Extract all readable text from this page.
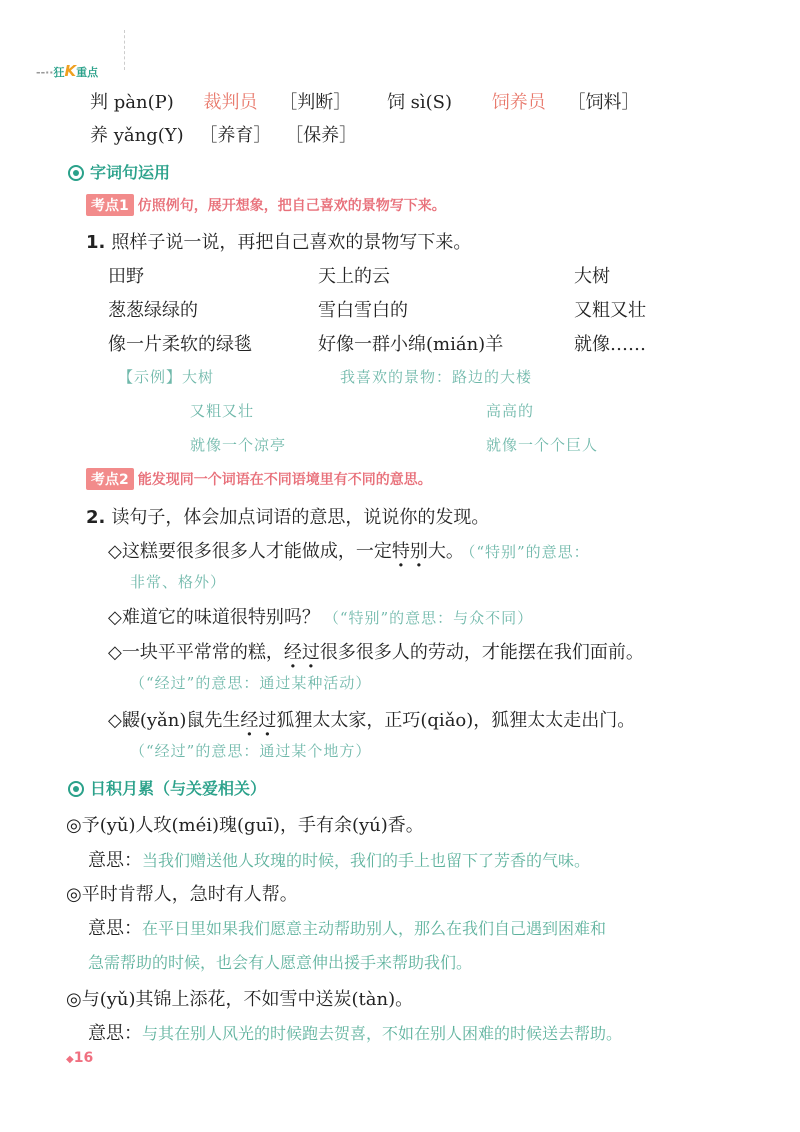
--··狂K重点
判 pàn(P) 裁判员 ［判断］ 饲 sì(S) 饲养员 ［饲料］
养 yǎng(Y) ［养育］ ［保养］
字词句运用
考点1 仿照例句，展开想象，把自己喜欢的景物写下来。
1. 照样子说一说，再把自己喜欢的景物写下来。
田野	天上的云	大树
葱葱绿绿的	雪白雪白的	又粗又壮
像一片柔软的绿毯	好像一群小绵(mián)羊	就像……
【示例】大树	我喜欢的景物：路边的大楼
又粗又壮	高高的
就像一个凉亭	就像一个个巨人
考点2 能发现同一个词语在不同语境里有不同的意思。
2. 读句子，体会加点词语的意思，说说你的发现。
◇这糕要很多很多人才能做成，一定特别大。 （“特别”的意思：
非常、格外）
◇难道它的味道很特别吗？ （“特别”的意思：与众不同）
◇一块平平常常的糕，经过很多很多人的劳动，才能摆在我们面前。
（“经过”的意思：通过某种活动）
◇鼹(yǎn)鼠先生经过狐狸太太家，正巧(qiǎo)，狐狸太太走出门。
（“经过”的意思：通过某个地方）
日积月累（与关爱相关）
◎予(yǔ)人玫(méi)瑰(guī)，手有余(yú)香。
意思：当我们赠送他人玫瑰的时候，我们的手上也留下了芳香的气味。
◎平时肯帮人，急时有人帮。
意思：在平日里如果我们愿意主动帮助别人，那么在我们自己遇到困难和
急需帮助的时候，也会有人愿意伸出援手来帮助我们。
◎与(yǔ)其锦上添花，不如雪中送炭(tàn)。
意思：与其在别人风光的时候跑去贺喜，不如在别人困难的时候送去帮助。
◆16
